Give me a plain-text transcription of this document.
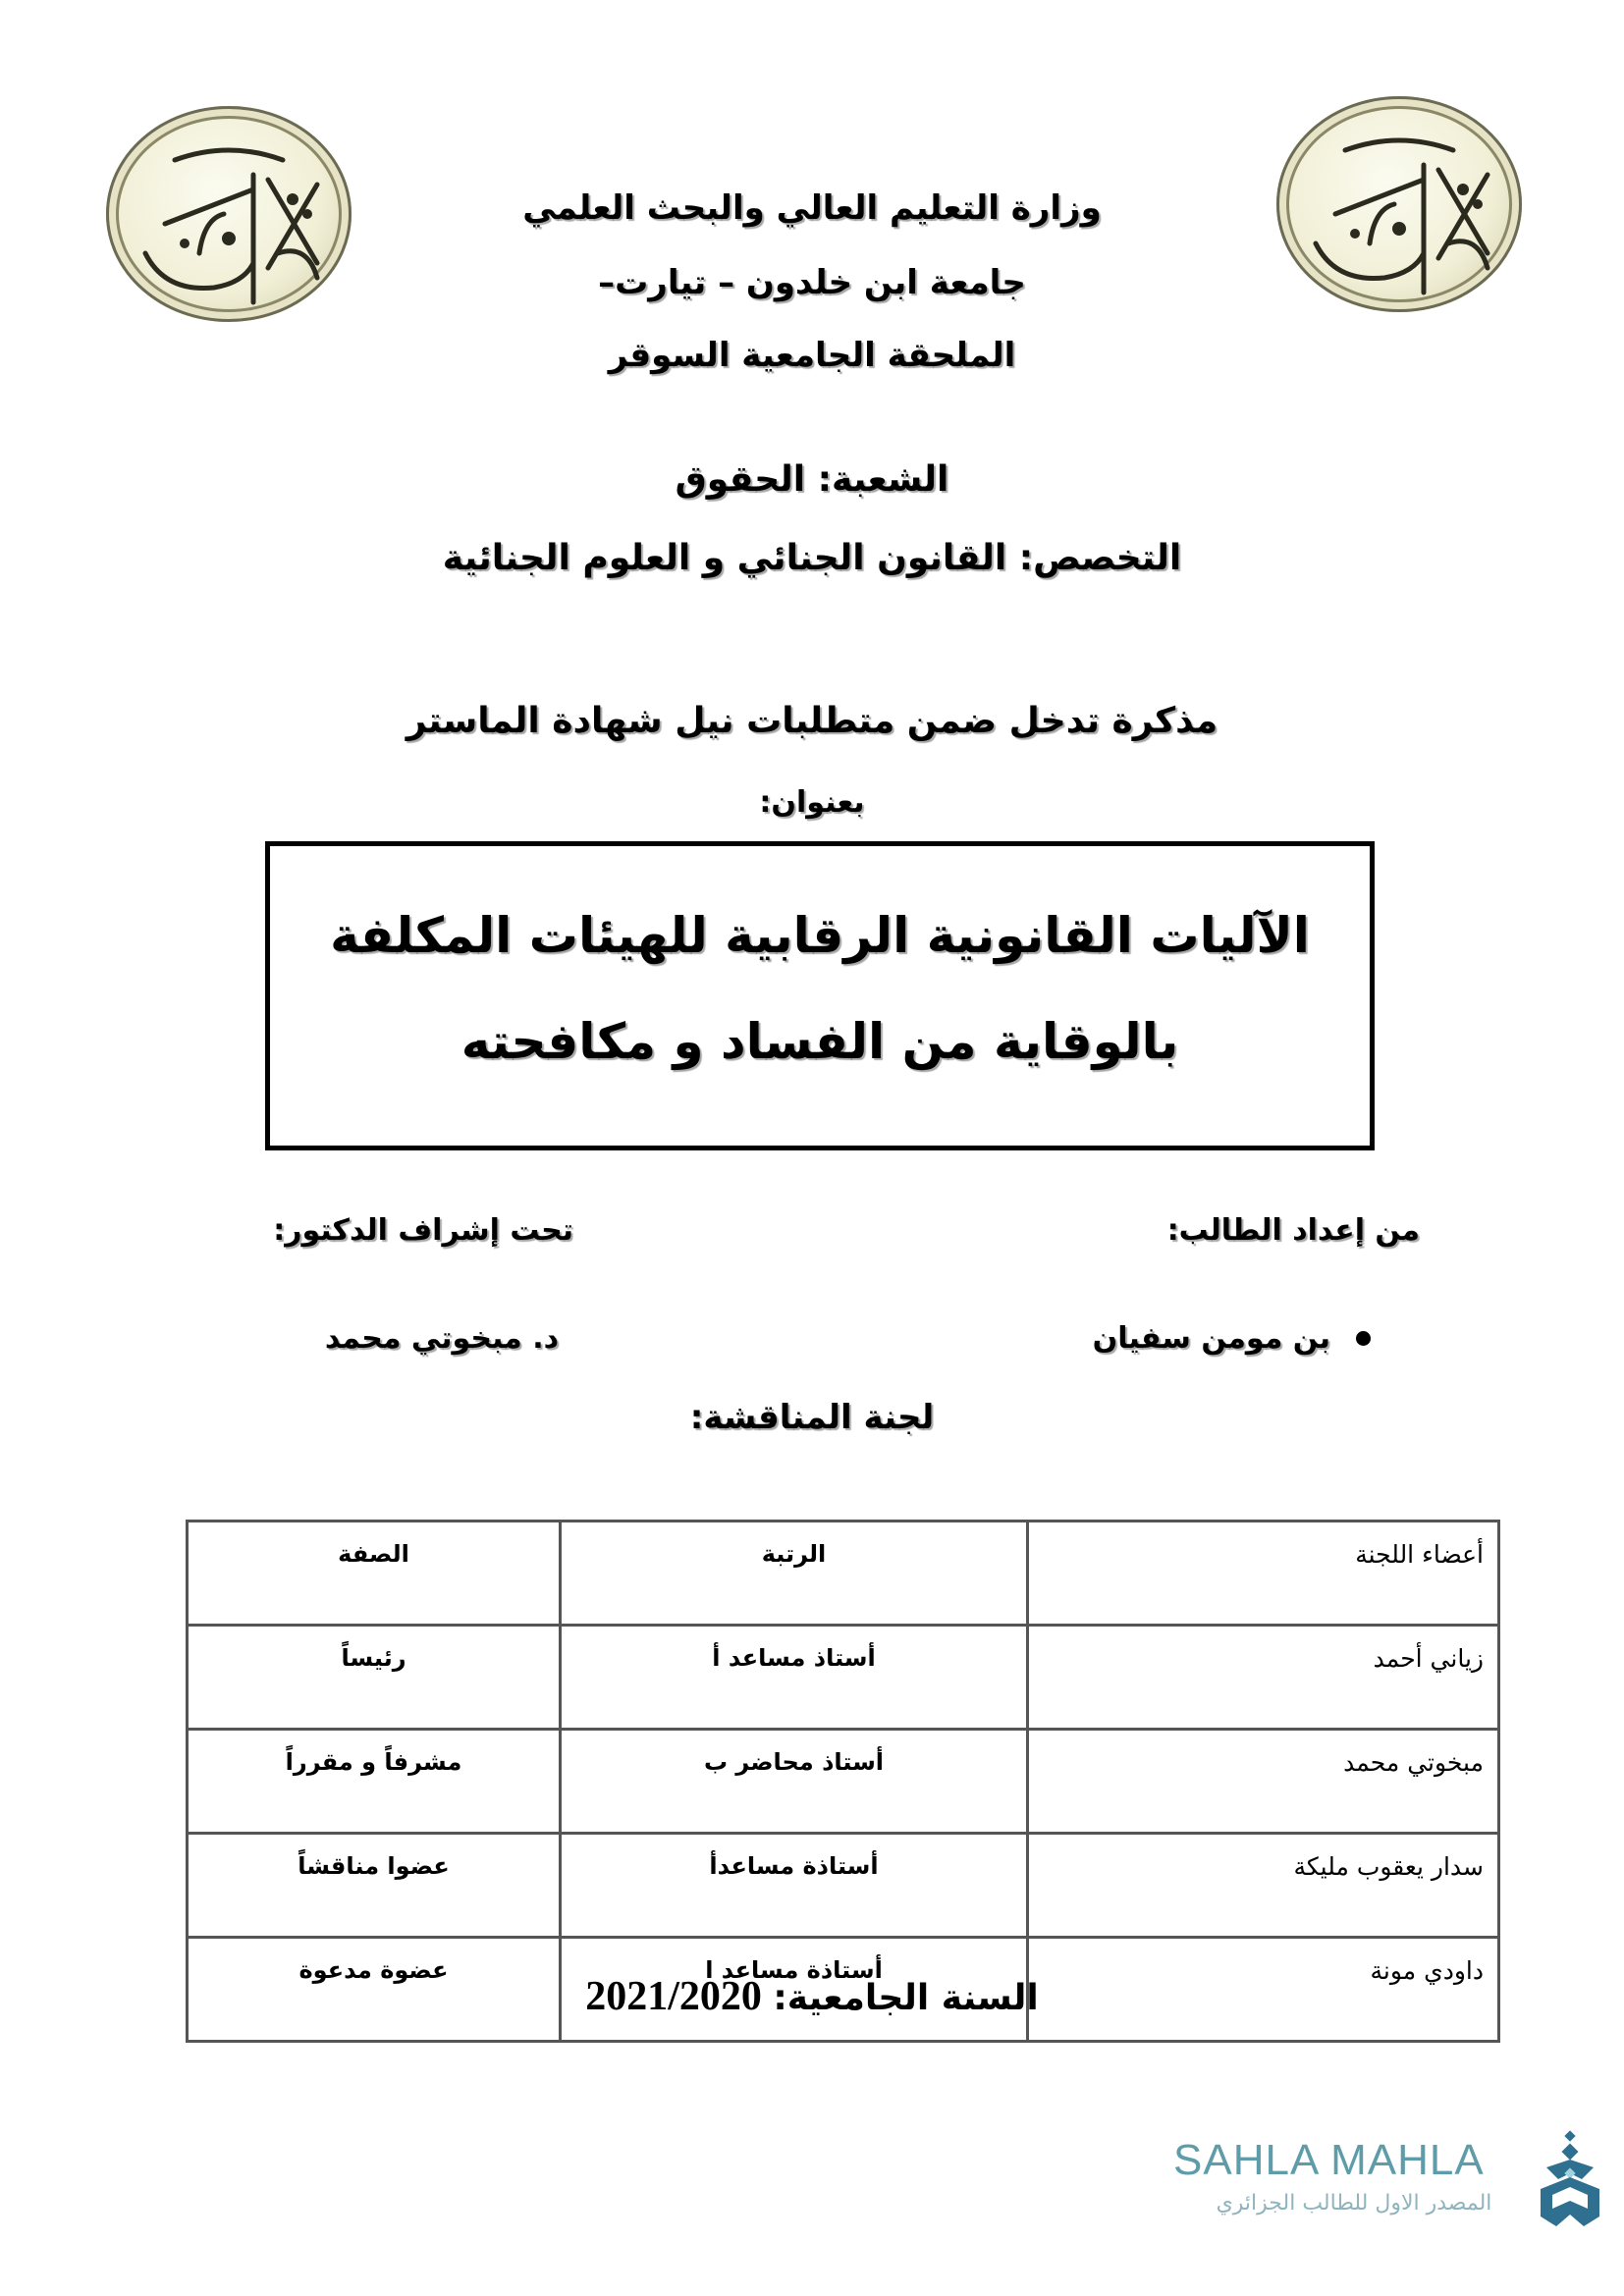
وزارة التعليم العالي والبحث العلمي
جامعة ابن خلدون – تيارت–
الملحقة الجامعية السوقر
الشعبة: الحقوق
التخصص: القانون الجنائي و العلوم الجنائية
مذكرة تدخل ضمن متطلبات نيل شهادة الماستر
بعنوان:
الآليات القانونية الرقابية للهيئات المكلفة
بالوقاية من الفساد و مكافحته
من إعداد الطالب:
تحت إشراف الدكتور:
بن مومن سفيان
د. مبخوتي محمد
لجنة المناقشة:
أعضاء اللجنة	الرتبة	الصفة
زياني أحمد	أستاذ مساعد أ	رئيساً
مبخوتي محمد	أستاذ محاضر ب	مشرفاً و مقرراً
سدار يعقوب مليكة	أستاذة مساعدأ	عضوا مناقشاً
داودي مونة	أستاذة مساعد ا	عضوة مدعوة
2021/2020 السنة الجامعية:
SAHLA MAHLA
المصدر الاول للطالب الجزائري
